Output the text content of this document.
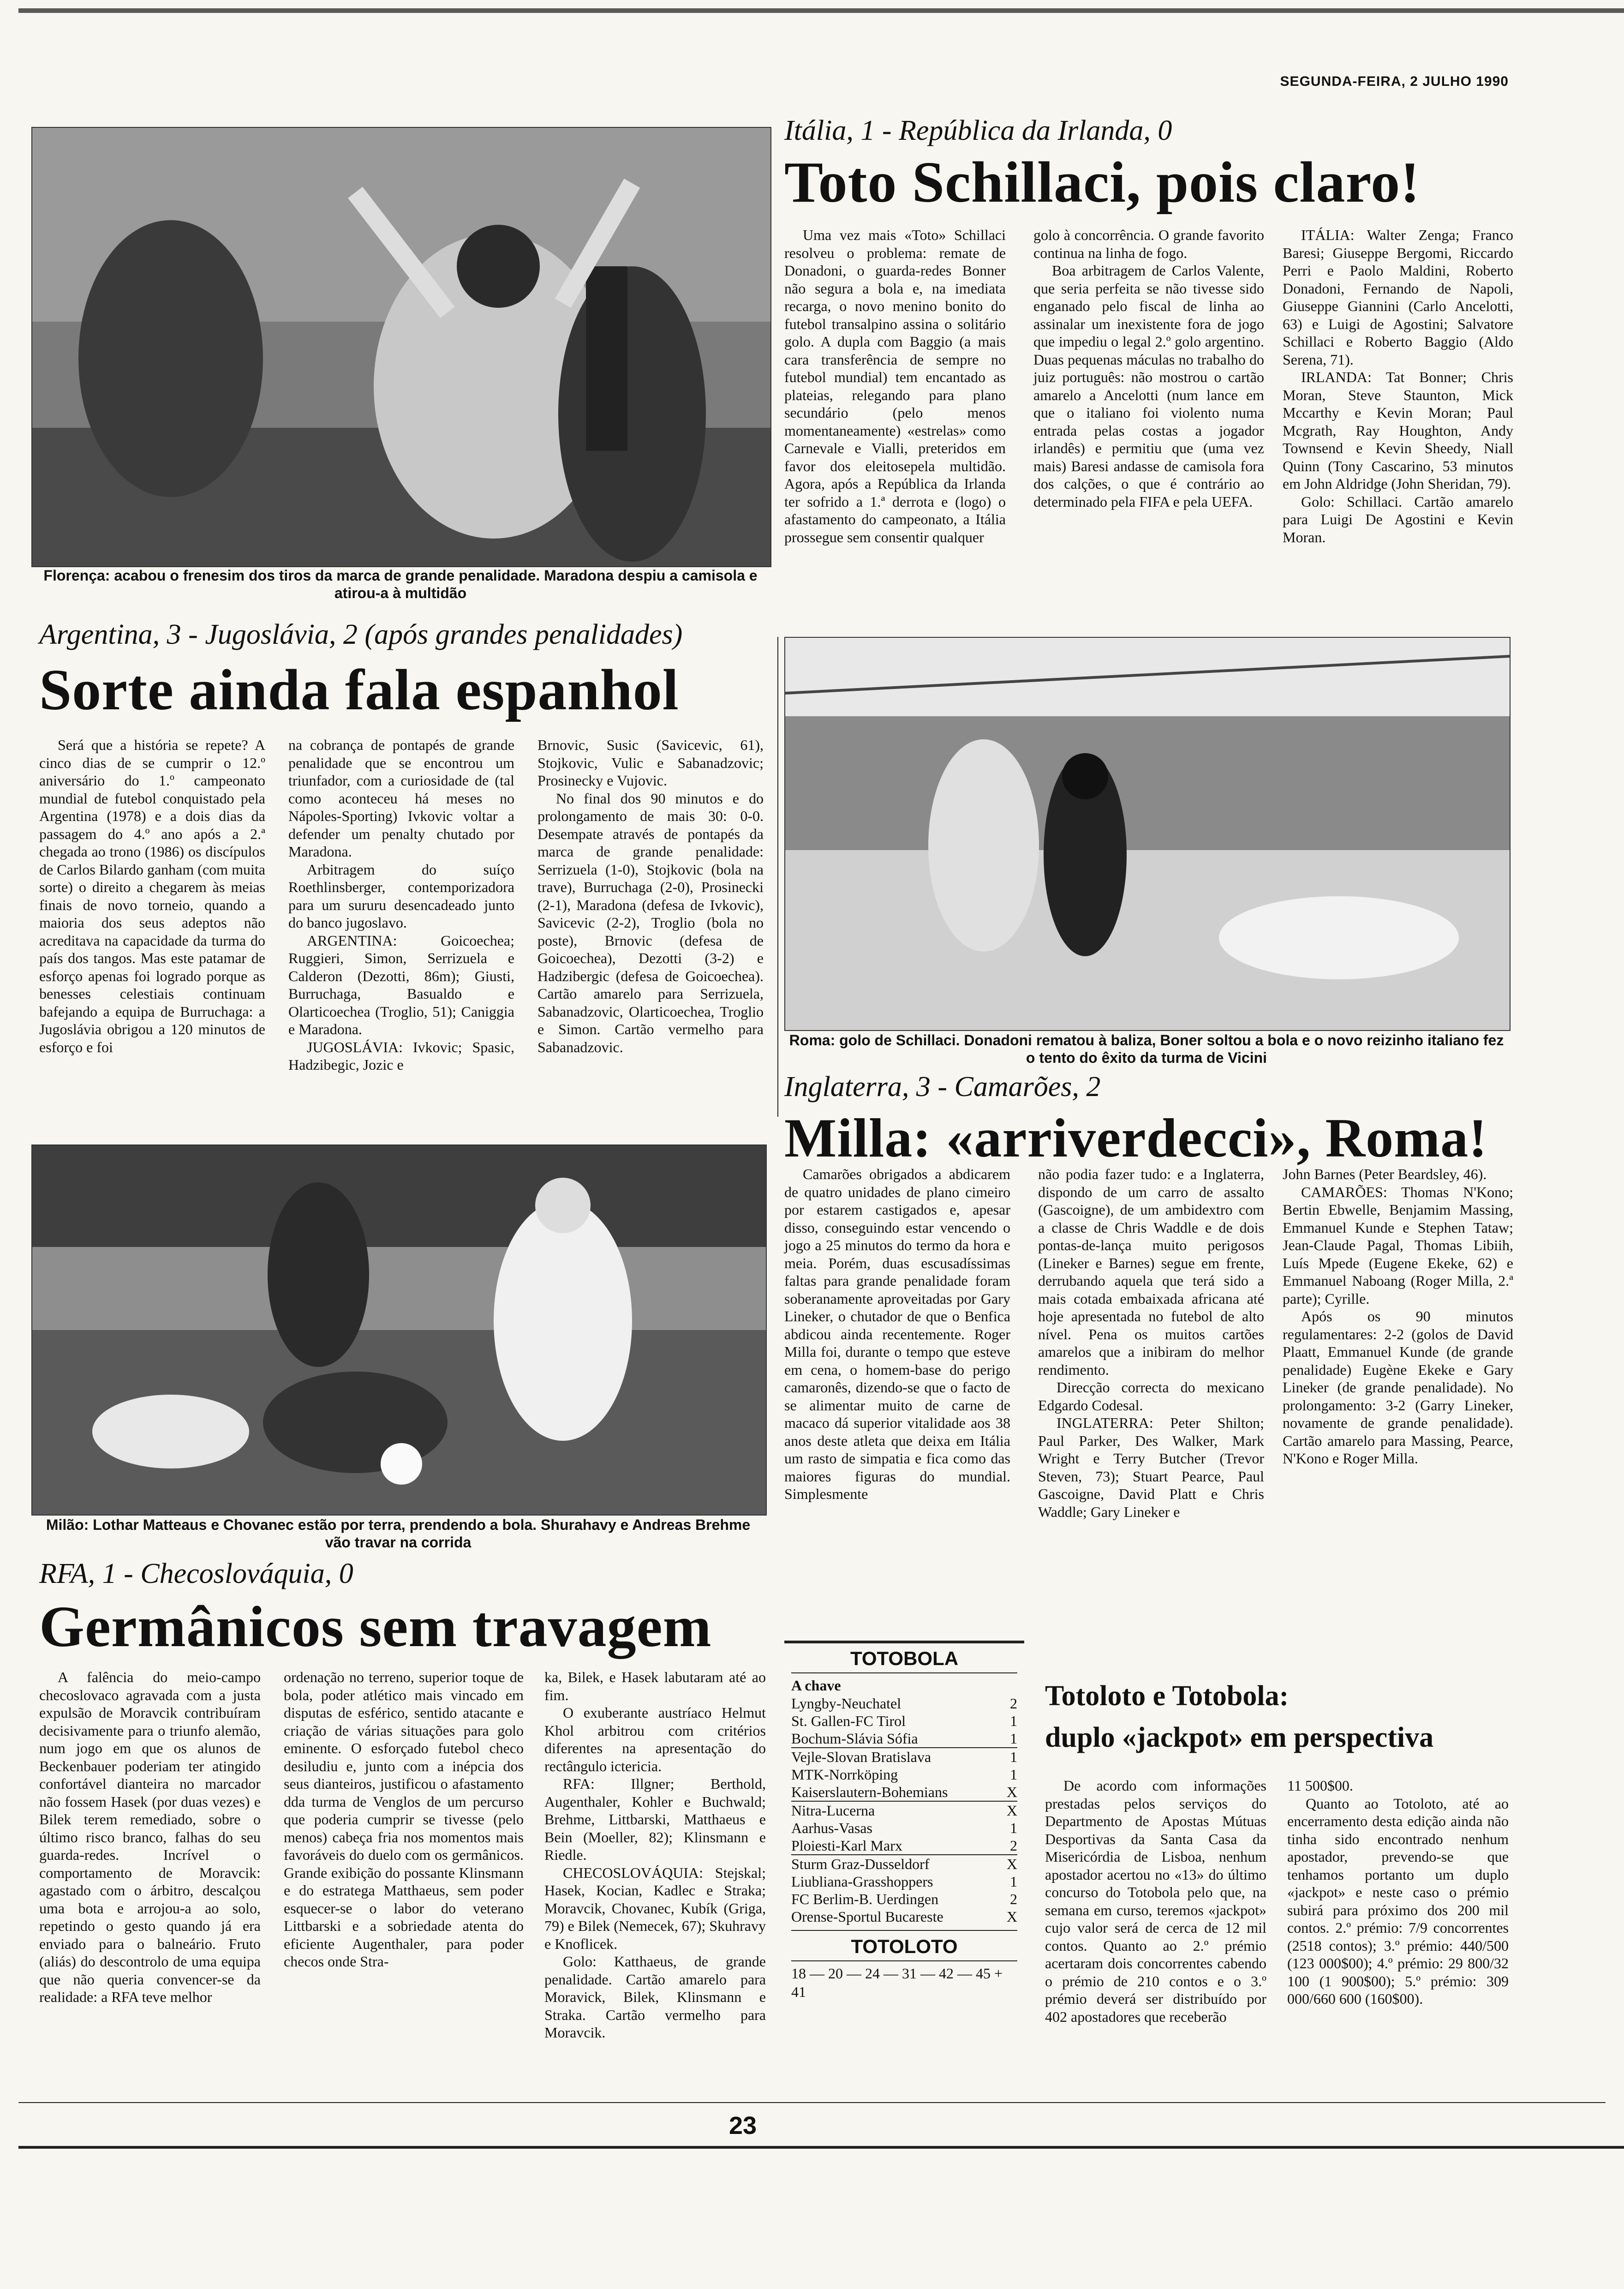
SEGUNDA-FEIRA, 2 JULHO 1990
Florença: acabou o frenesim dos tiros da marca de grande penalidade. Maradona despiu a camisola e atirou-a à multidão
Itália, 1 - República da Irlanda, 0
Toto Schillaci, pois claro!

Uma vez mais «Toto» Schillaci resolveu o problema: remate de Donadoni, o guarda-redes Bonner não segura a bola e, na imediata recarga, o novo menino bonito do futebol transalpino assina o solitário golo. A dupla com Baggio (a mais cara transferência de sempre no futebol mundial) tem encantado as plateias, relegando para plano secundário (pelo menos momentaneamente) «estrelas» como Carnevale e Vialli, preteridos em favor dos eleitosepela multidão. Agora, após a República da Irlanda ter sofrido a 1.ª derrota e (logo) o afastamento do campeonato, a Itália prossegue sem consentir qualquer

golo à concorrência. O grande favorito continua na linha de fogo.

Boa arbitragem de Carlos Valente, que seria perfeita se não tivesse sido enganado pelo fiscal de linha ao assinalar um inexistente fora de jogo que impediu o legal 2.º golo argentino. Duas pequenas máculas no trabalho do juiz português: não mostrou o cartão amarelo a Ancelotti (num lance em que o italiano foi violento numa entrada pelas costas a jogador irlandês) e permitiu que (uma vez mais) Baresi andasse de camisola fora dos calções, o que é contrário ao determinado pela FIFA e pela UEFA.

ITÁLIA: Walter Zenga; Franco Baresi; Giuseppe Bergomi, Riccardo Perri e Paolo Maldini, Roberto Donadoni, Fernando de Napoli, Giuseppe Giannini (Carlo Ancelotti, 63) e Luigi de Agostini; Salvatore Schillaci e Roberto Baggio (Aldo Serena, 71).

IRLANDA: Tat Bonner; Chris Moran, Steve Staunton, Mick Mccarthy e Kevin Moran; Paul Mcgrath, Ray Houghton, Andy Townsend e Kevin Sheedy, Niall Quinn (Tony Cascarino, 53 minutos em John Aldridge (John Sheridan, 79).

Golo: Schillaci. Cartão amarelo para Luigi De Agostini e Kevin Moran.

Argentina, 3 - Jugoslávia, 2 (após grandes penalidades)
Sorte ainda fala espanhol

Será que a história se repete? A cinco dias de se cumprir o 12.º aniversário do 1.º campeonato mundial de futebol conquistado pela Argentina (1978) e a dois dias da passagem do 4.º ano após a 2.ª chegada ao trono (1986) os discípulos de Carlos Bilardo ganham (com muita sorte) o direito a chegarem às meias finais de novo torneio, quando a maioria dos seus adeptos não acreditava na capacidade da turma do país dos tangos. Mas este patamar de esforço apenas foi logrado porque as benesses celestiais continuam bafejando a equipa de Burruchaga: a Jugoslávia obrigou a 120 minutos de esforço e foi

na cobrança de pontapés de grande penalidade que se encontrou um triunfador, com a curiosidade de (tal como aconteceu há meses no Nápoles-Sporting) Ivkovic voltar a defender um penalty chutado por Maradona.

Arbitragem do suíço Roethlinsberger, contemporizadora para um sururu desencadeado junto do banco jugoslavo.

ARGENTINA: Goicoechea; Ruggieri, Simon, Serrizuela e Calderon (Dezotti, 86m); Giusti, Burruchaga, Basualdo e Olarticoechea (Troglio, 51); Caniggia e Maradona.

JUGOSLÁVIA: Ivkovic; Spasic, Hadzibegic, Jozic e

Brnovic, Susic (Savicevic, 61), Stojkovic, Vulic e Sabanadzovic; Prosinecky e Vujovic.

No final dos 90 minutos e do prolongamento de mais 30: 0-0. Desempate através de pontapés da marca de grande penalidade: Serrizuela (1-0), Stojkovic (bola na trave), Burruchaga (2-0), Prosinecki (2-1), Maradona (defesa de Ivkovic), Savicevic (2-2), Troglio (bola no poste), Brnovic (defesa de Goicoechea), Dezotti (3-2) e Hadzibergic (defesa de Goicoechea). Cartão amarelo para Serrizuela, Sabanadzovic, Olarticoechea, Troglio e Simon. Cartão vermelho para Sabanadzovic.	Roma: golo de Schillaci. Donadoni rematou à baliza, Boner soltou a bola e o novo reizinho italiano fez o tento do êxito da turma de Vicini
Inglaterra, 3 - Camarões, 2
Milla: «arriverdecci», Roma!

Camarões obrigados a abdicarem de quatro unidades de plano cimeiro por estarem castigados e, apesar disso, conseguindo estar vencendo o jogo a 25 minutos do termo da hora e meia. Porém, duas escusadíssimas faltas para grande penalidade foram soberanamente aproveitadas por Gary Lineker, o chutador de que o Benfica abdicou ainda recentemente. Roger Milla foi, durante o tempo que esteve em cena, o homem-base do perigo camaronês, dizendo-se que o facto de se alimentar muito de carne de macaco dá superior vitalidade aos 38 anos deste atleta que deixa em Itália um rasto de simpatia e fica como das maiores figuras do mundial. Simplesmente

não podia fazer tudo: e a Inglaterra, dispondo de um carro de assalto (Gascoigne), de um ambidextro com a classe de Chris Waddle e de dois pontas-de-lança muito perigosos (Lineker e Barnes) segue em frente, derrubando aquela que terá sido a mais cotada embaixada africana até hoje apresentada no futebol de alto nível. Pena os muitos cartões amarelos que a inibiram do melhor rendimento.

Direcção correcta do mexicano Edgardo Codesal.

INGLATERRA: Peter Shilton; Paul Parker, Des Walker, Mark Wright e Terry Butcher (Trevor Steven, 73); Stuart Pearce, Paul Gascoigne, David Platt e Chris Waddle; Gary Lineker e

John Barnes (Peter Beardsley, 46).

CAMARÕES: Thomas N'Kono; Bertin Ebwelle, Benjamim Massing, Emmanuel Kunde e Stephen Tataw; Jean-Claude Pagal, Thomas Libiih, Luís Mpede (Eugene Ekeke, 62) e Emmanuel Naboang (Roger Milla, 2.ª parte); Cyrille.

Após os 90 minutos regulamentares: 2-2 (golos de David Plaatt, Emmanuel Kunde (de grande penalidade) Eugène Ekeke e Gary Lineker (de grande penalidade). No prolongamento: 3-2 (Garry Lineker, novamente de grande penalidade). Cartão amarelo para Massing, Pearce, N'Kono e Roger Milla.

Milão: Lothar Matteaus e Chovanec estão por terra, prendendo a bola. Shurahavy e Andreas Brehme vão travar na corrida
RFA, 1 - Checoslováquia, 0
Germânicos sem travagem

A falência do meio-campo checoslovaco agravada com a justa expulsão de Moravcik contribuíram decisivamente para o triunfo alemão, num jogo em que os alunos de Beckenbauer poderiam ter atingido confortável dianteira no marcador não fossem Hasek (por duas vezes) e Bilek terem remediado, sobre o último risco branco, falhas do seu guarda-redes. Incrível o comportamento de Moravcik: agastado com o árbitro, descalçou uma bota e arrojou-a ao solo, repetindo o gesto quando já era enviado para o balneário. Fruto (aliás) do descontrolo de uma equipa que não queria convencer-se da realidade: a RFA teve melhor

ordenação no terreno, superior toque de bola, poder atlético mais vincado em disputas de esférico, sentido atacante e criação de várias situações para golo eminente. O esforçado futebol checo desiludiu e, junto com a inépcia dos seus dianteiros, justificou o afastamento dda turma de Venglos de um percurso que poderia cumprir se tivesse (pelo menos) cabeça fria nos momentos mais favoráveis do duelo com os germânicos. Grande exibição do possante Klinsmann e do estratega Matthaeus, sem poder esquecer-se o labor do veterano Littbarski e a sobriedade atenta do eficiente Augenthaler, para poder checos onde Stra-

ka, Bilek, e Hasek labutaram até ao fim.

O exuberante austríaco Helmut Khol arbitrou com critérios diferentes na apresentação do rectângulo ictericia.

RFA: Illgner; Berthold, Augenthaler, Kohler e Buchwald; Brehme, Littbarski, Matthaeus e Bein (Moeller, 82); Klinsmann e Riedle.

CHECOSLOVÁQUIA: Stejskal; Hasek, Kocian, Kadlec e Straka; Moravcik, Chovanec, Kubík (Griga, 79) e Bilek (Nemecek, 67); Skuhravy e Knoflicek.

Golo: Katthaeus, de grande penalidade. Cartão amarelo para Moravick, Bilek, Klinsmann e Straka. Cartão vermelho para Moravcik.

TOTOBOLA
A chave
Lyngby-Neuchatel	2
St. Gallen-FC Tirol	1
Bochum-Slávia Sófia	1
Vejle-Slovan Bratislava	1
MTK-Norrköping	1
Kaiserslautern-Bohemians	X
Nitra-Lucerna	X
Aarhus-Vasas	1
Ploiesti-Karl Marx	2
Sturm Graz-Dusseldorf	X
Liubliana-Grasshoppers	1
FC Berlim-B. Uerdingen	2
Orense-Sportul Bucareste	X
TOTOLOTO
18 — 20 — 24 — 31 — 42 — 45 + 41
Totoloto e Totobola:
duplo «jackpot» em perspectiva

De acordo com informações prestadas pelos serviços do Departmento de Apostas Mútuas Desportivas da Santa Casa da Misericórdia de Lisboa, nenhum apostador acertou no «13» do último concurso do Totobola pelo que, na semana em curso, teremos «jackpot» cujo valor será de cerca de 12 mil contos. Quanto ao 2.º prémio acertaram dois concorrentes cabendo o prémio de 210 contos e o 3.º prémio deverá ser distribuído por 402 apostadores que receberão

11 500$00.

Quanto ao Totoloto, até ao encerramento desta edição ainda não tinha sido encontrado nenhum apostador, prevendo-se que tenhamos portanto um duplo «jackpot» e neste caso o prémio subirá para próximo dos 200 mil contos. 2.º prémio: 7/9 concorrentes (2518 contos); 3.º prémio: 440/500 (123 000$00); 4.º prémio: 29 800/32 100 (1 900$00); 5.º prémio: 309 000/660 600 (160$00).

23
